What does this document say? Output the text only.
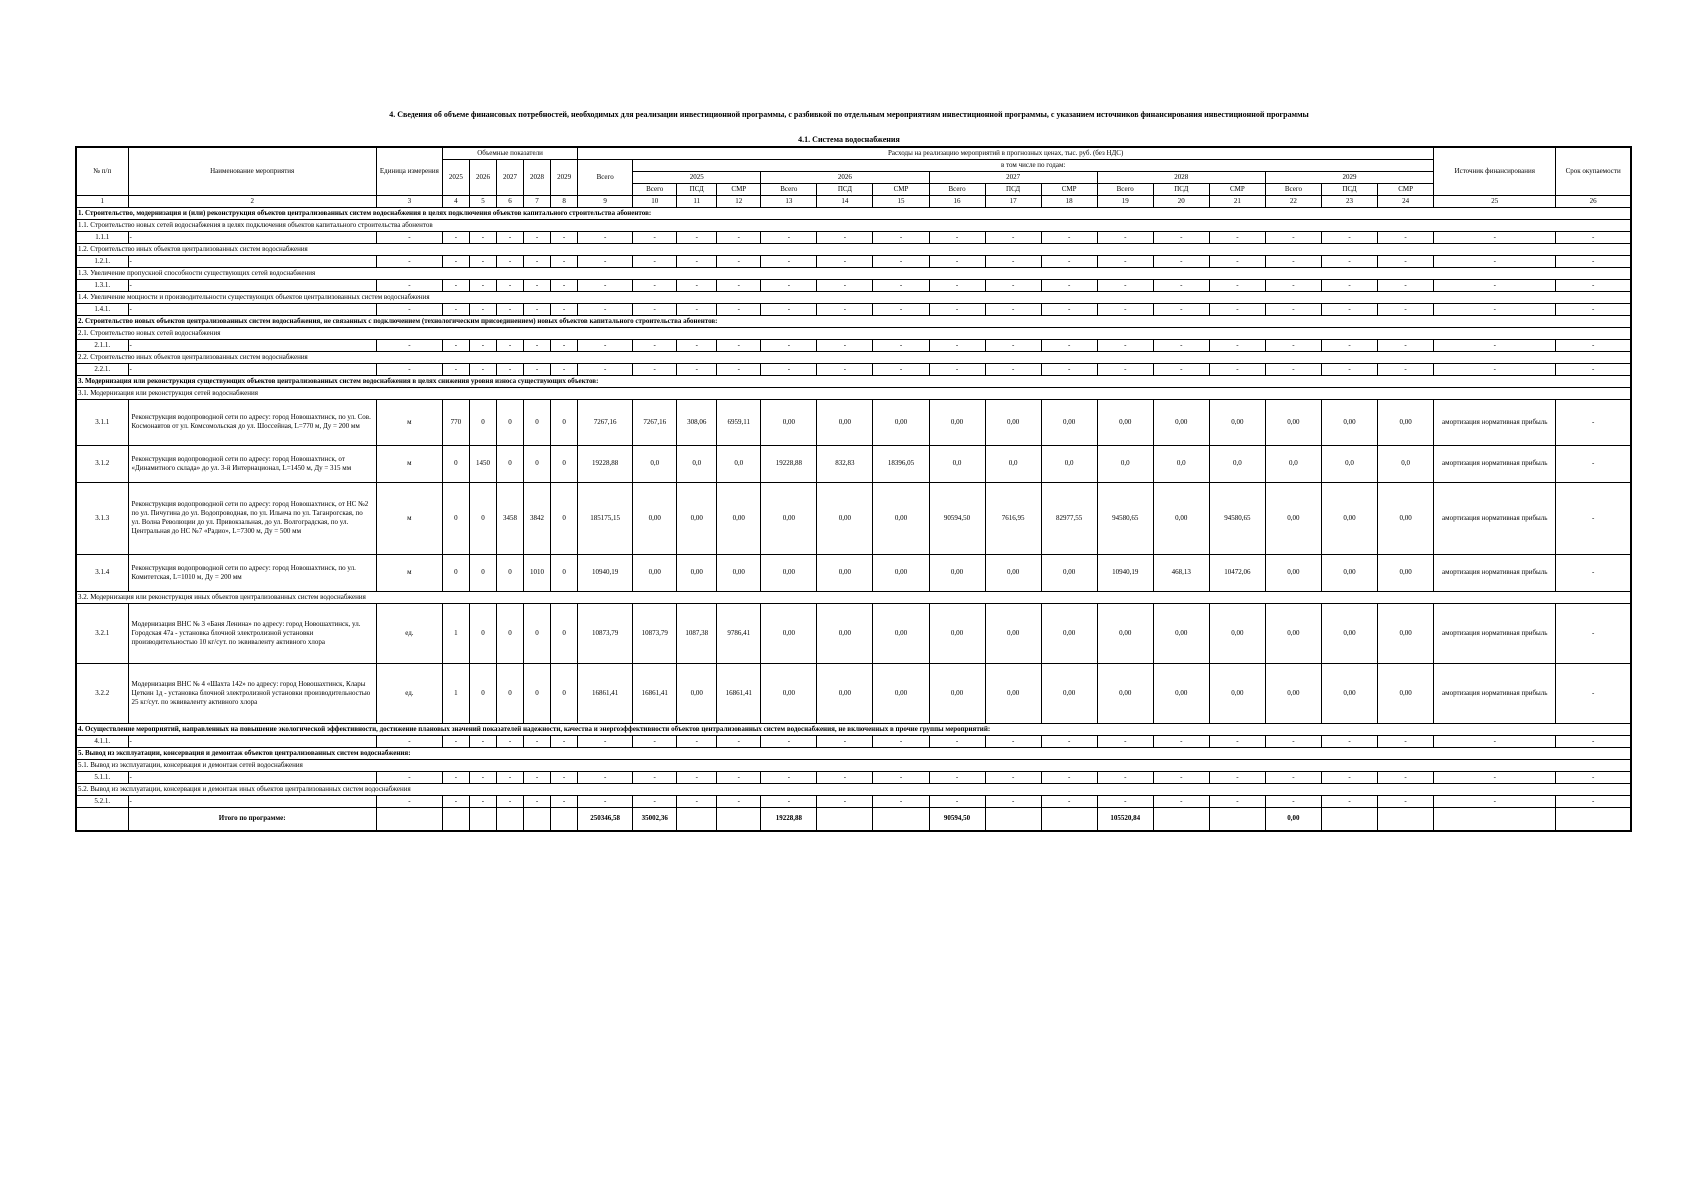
4. Сведения об объеме финансовых потребностей, необходимых для реализации инвестиционной программы, с разбивкой по отдельным мероприятиям инвестиционной программы, с указанием источников финансирования инвестиционной программы
4.1. Система водоснабжения
№ п/п	Наименование мероприятия	Единица измерения	Объемные показатели					Расходы на реализацию мероприятий в прогнозных ценах, тыс. руб. (без НДС)																Источник финансирования	Срок окупаемости
			2025	2026	2027	2028	2029	Всего	в том числе по годам:																
									2025			2026			2027			2028			2029				
									Всего	ПСД	СМР	Всего	ПСД	СМР	Всего	ПСД	СМР	Всего	ПСД	СМР	Всего	ПСД	СМР		
1	2	3	4	5	6	7	8	9	10	11	12	13	14	15	16	17	18	19	20	21	22	23	24	25	26
1. Строительство, модернизация и (или) реконструкция объектов централизованных систем водоснабжения в целях подключения объектов капитального строительства абонентов:																									
1.1. Строительство новых сетей водоснабжения в целях подключения объектов капитального строительства абонентов																									
1.1.1	-	-	-	-	-	-	-	-	-	-	-	-	-	-	-	-	-	-	-	-	-	-	-	-	-
1.2. Строительство иных объектов централизованных систем водоснабжения																									
1.2.1.	-	-	-	-	-	-	-	-	-	-	-	-	-	-	-	-	-	-	-	-	-	-	-	-	-
1.3. Увеличение пропускной способности существующих сетей водоснабжения																									
1.3.1.	-	-	-	-	-	-	-	-	-	-	-	-	-	-	-	-	-	-	-	-	-	-	-	-	-
1.4. Увеличение мощности и производительности существующих объектов централизованных систем водоснабжения																									
1.4.1.	-	-	-	-	-	-	-	-	-	-	-	-	-	-	-	-	-	-	-	-	-	-	-	-	-
2. Строительство новых объектов централизованных систем водоснабжения, не связанных с подключением (технологическим присоединением) новых объектов капитального строительства абонентов:																									
2.1. Строительство новых сетей водоснабжения																									
2.1.1.	-	-	-	-	-	-	-	-	-	-	-	-	-	-	-	-	-	-	-	-	-	-	-	-	-
2.2. Строительство иных объектов централизованных систем водоснабжения																									
2.2.1.	-	-	-	-	-	-	-	-	-	-	-	-	-	-	-	-	-	-	-	-	-	-	-	-	-
3. Модернизация или реконструкция существующих объектов централизованных систем водоснабжения в целях снижения уровня износа существующих объектов:																									
3.1. Модернизация или реконструкция сетей водоснабжения																									
3.1.1	Реконструкция водопроводной сети по адресу: город Новошахтинск, по ул. Сов. Космонавтов от ул. Комсомольская до ул. Шоссейная, L=770 м, Ду = 200 мм	м	770	0	0	0	0	7267,16	7267,16	308,06	6959,11	0,00	0,00	0,00	0,00	0,00	0,00	0,00	0,00	0,00	0,00	0,00	0,00	амортизация нормативная прибыль	-
3.1.2	Реконструкция водопроводной сети по адресу: город Новошахтинск, от «Динамитного склада» до ул. 3-й Интернационал, L=1450 м, Ду = 315 мм	м	0	1450	0	0	0	19228,88	0,0	0,0	0,0	19228,88	832,83	18396,05	0,0	0,0	0,0	0,0	0,0	0,0	0,0	0,0	0,0	амортизация нормативная прибыль	-
3.1.3	Реконструкция водопроводной сети по адресу: город Новошахтинск, от НС №2 по ул. Пичугина до ул. Водопроводная, по ул. Ильича по ул. Таганрогская, по ул. Волна Революции до ул. Привокзальная, до ул. Волгоградская, по ул. Центральная до НС №7 «Радио», L=7300 м, Ду = 500 мм	м	0	0	3458	3842	0	185175,15	0,00	0,00	0,00	0,00	0,00	0,00	90594,50	7616,95	82977,55	94580,65	0,00	94580,65	0,00	0,00	0,00	амортизация нормативная прибыль	-
3.1.4	Реконструкция водопроводной сети по адресу: город Новошахтинск, по ул. Комитетская, L=1010 м, Ду = 200 мм	м	0	0	0	1010	0	10940,19	0,00	0,00	0,00	0,00	0,00	0,00	0,00	0,00	0,00	10940,19	468,13	10472,06	0,00	0,00	0,00	амортизация нормативная прибыль	-
3.2. Модернизация или реконструкция иных объектов централизованных систем водоснабжения																									
3.2.1	Модернизация ВНС № 3 «Баня Ленина» по адресу: город Новошахтинск, ул. Городская 47а - установка блочной электролизной установки производительностью 10 кг/сут. по эквиваленту активного хлора	ед.	1	0	0	0	0	10873,79	10873,79	1087,38	9786,41	0,00	0,00	0,00	0,00	0,00	0,00	0,00	0,00	0,00	0,00	0,00	0,00	амортизация нормативная прибыль	-
3.2.2	Модернизация ВНС № 4 «Шахта 142» по адресу: город Новошахтинск, Клары Цеткин 1д - установка блочной электролизной установки производительностью 25 кг/сут. по эквиваленту активного хлора	ед.	1	0	0	0	0	16861,41	16861,41	0,00	16861,41	0,00	0,00	0,00	0,00	0,00	0,00	0,00	0,00	0,00	0,00	0,00	0,00	амортизация нормативная прибыль	-
4. Осуществление мероприятий, направленных на повышение экологической эффективности, достижение плановых значений показателей надежности, качества и энергоэффективности объектов централизованных систем водоснабжения, не включенных в прочие группы мероприятий:																									
4.1.1.	-	-	-	-	-	-	-	-	-	-	-	-	-	-	-	-	-	-	-	-	-	-	-	-	-
5. Вывод из эксплуатации, консервация и демонтаж объектов централизованных систем водоснабжения:																									
5.1. Вывод из эксплуатации, консервация и демонтаж сетей водоснабжения																									
5.1.1.	-	-	-	-	-	-	-	-	-	-	-	-	-	-	-	-	-	-	-	-	-	-	-	-	-
5.2. Вывод из эксплуатации, консервация и демонтаж иных объектов централизованных систем водоснабжения																									
5.2.1.	-	-	-	-	-	-	-	-	-	-	-	-	-	-	-	-	-	-	-	-	-	-	-	-	-
	Итого по программе:							250346,58	35002,36			19228,88			90594,50			105520,84			0,00				
